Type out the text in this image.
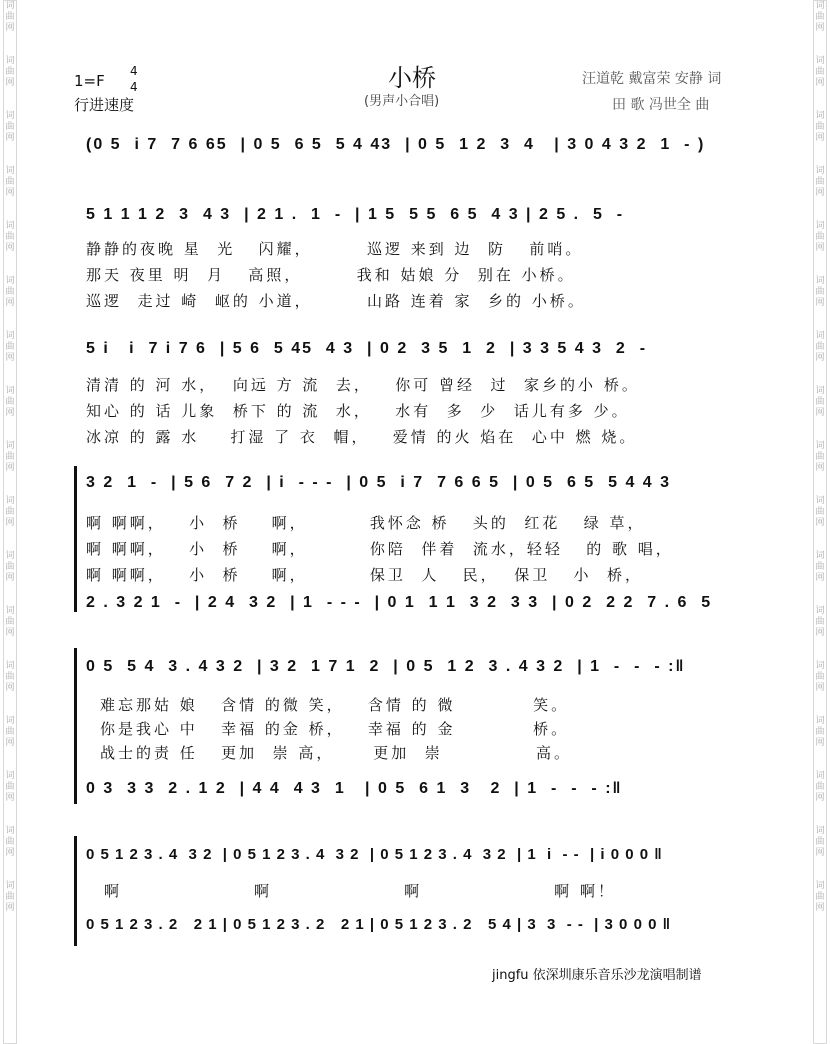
词
曲
网

词
曲
网

词
曲
网

词
曲
网

词
曲
网

词
曲
网

词
曲
网

词
曲
网

词
曲
网

词
曲
网

词
曲
网

词
曲
网

词
曲
网

词
曲
网

词
曲
网

词
曲
网

词
曲
网

词
曲
网

词
曲
网

词
曲
网

词
曲
网

词
曲
网

词
曲
网

词
曲
网

词
曲
网

词
曲
网

词
曲
网

词
曲
网

词
曲
网

词
曲
网

词
曲
网

词
曲
网

词
曲
网

词
曲
网

1=F
4
4
行进速度
小桥
(男声小合唱)
汪道乾 戴富荣 安静 词
田 歌 冯世全 曲
(0 5  i 7  7 6 65  | 0 5  6 5  5 4 43  | 0 5  1 2  3  4   | 3 0 4 3 2  1  - )
5 1 1 1 2  3  4 3  | 2 1 .  1  -  | 1 5  5 5  6 5  4 3 | 2 5 .  5  -
静静的夜晚 星  光   闪耀，       巡逻 来到 边  防   前哨。
那天 夜里 明  月   高照，       我和 姑娘 分  别在 小桥。
巡逻  走过 崎  岖的 小道，       山路 连着 家  乡的 小桥。
5 i   i  7 i 7 6  | 5 6  5 45  4 3  | 0 2  3 5  1  2  | 3 3 5 4 3  2  -
清清 的 河 水，  向远 方 流  去，   你可 曾经  过  家乡的小 桥。
知心 的 话 儿象  桥下 的 流  水，   水有  多  少  话儿有多 少。
冰凉 的 露 水    打湿 了 衣  帽，   爱情 的火 焰在  心中 燃 烧。
3 2  1  -  | 5 6  7 2  | i  - - -  | 0 5  i 7  7 6 6 5  | 0 5  6 5  5 4 4 3
啊 啊啊，   小  桥    啊，        我怀念 桥   头的  红花   绿 草，
啊 啊啊，   小  桥    啊，        你陪  伴着  流水，轻轻   的 歌 唱，
啊 啊啊，   小  桥    啊，        保卫  人   民，  保卫   小  桥，
2 . 3 2 1  -  | 2 4  3 2  | 1  - - -  | 0 1  1 1  3 2  3 3  | 0 2  2 2  7 . 6  5
0 5  5 4  3 . 4 3 2  | 3 2  1 7 1  2  | 0 5  1 2  3 . 4 3 2  | 1  -  -  - :‖
难忘那姑 娘   含情 的微 笑，   含情 的 微          笑。
你是我心 中   幸福 的金 桥，   幸福 的 金          桥。
战士的责 任   更加  崇 高，     更加  崇            高。
0 3  3 3  2 . 1 2  | 4 4  4 3  1   | 0 5  6 1  3   2  | 1  -  -  - :‖
0 5 1 2 3 . 4  3 2  | 0 5 1 2 3 . 4  3 2  | 0 5 1 2 3 . 4  3 2  | 1  i  - -  | i 0 0 0 ‖
啊                 啊                 啊                 啊 啊！
0 5 1 2 3 . 2   2 1 | 0 5 1 2 3 . 2   2 1 | 0 5 1 2 3 . 2   5 4 | 3  3  - -  | 3 0 0 0 ‖
jingfu 依深圳康乐音乐沙龙演唱制谱
